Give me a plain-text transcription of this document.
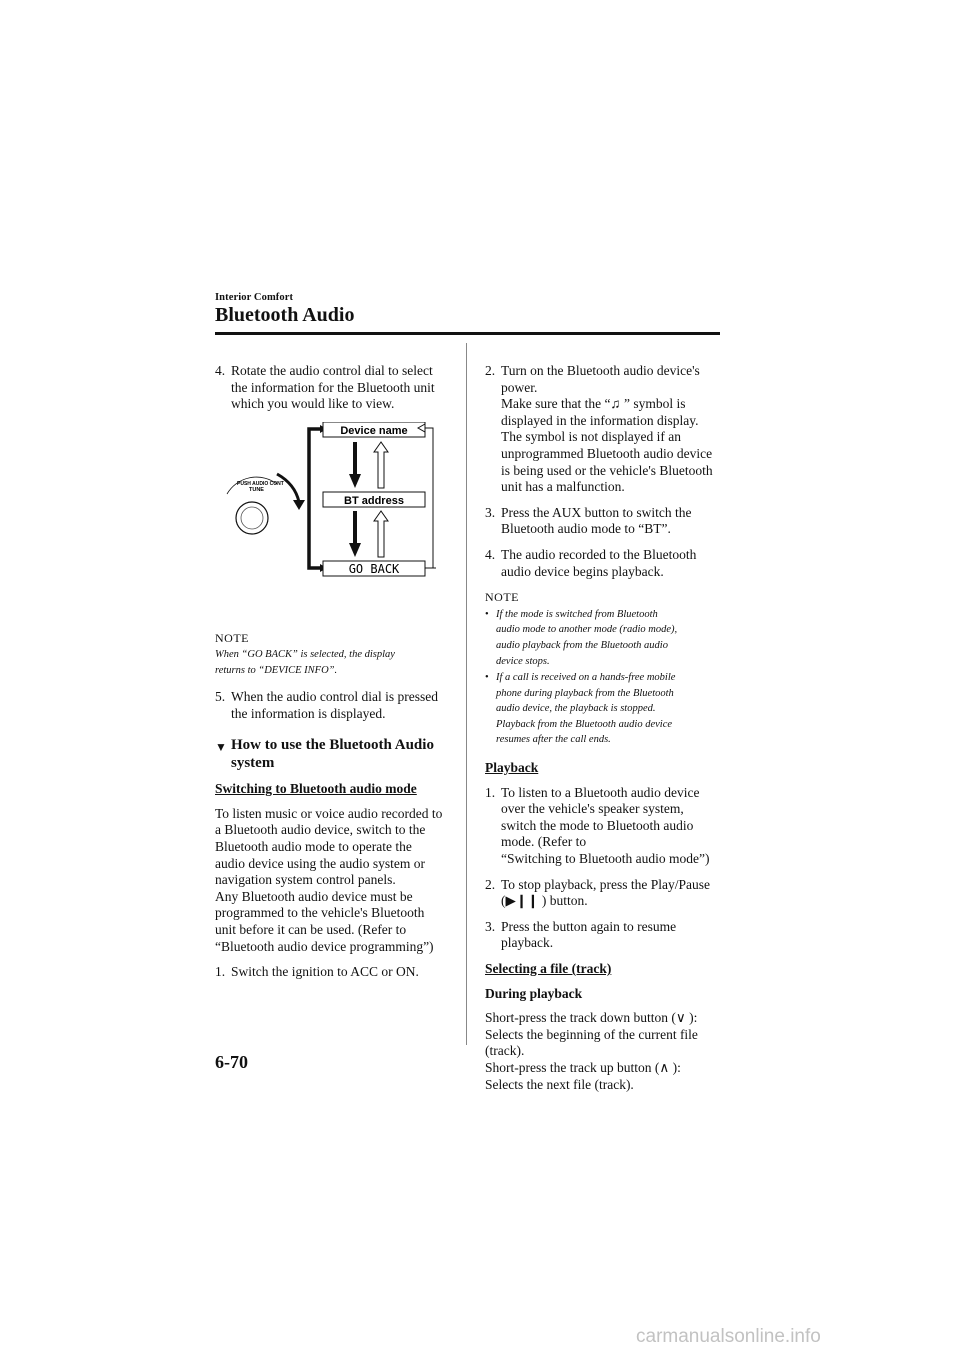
Interior Comfort
Bluetooth Audio
4. Rotate the audio control dial to select
the information for the Bluetooth unit
which you would like to view.
Device name
BT address
GO BACK
PUSH AUDIO CONT
TUNE
NOTE
When “GO BACK” is selected, the display
returns to “DEVICE INFO”.
5. When the audio control dial is pressed
the information is displayed.
▼ How to use the Bluetooth Audio
system
Switching to Bluetooth audio mode
To listen music or voice audio recorded to
a Bluetooth audio device, switch to the
Bluetooth audio mode to operate the
audio device using the audio system or
navigation system control panels.
Any Bluetooth audio device must be
programmed to the vehicle's Bluetooth
unit before it can be used. (Refer to
“Bluetooth audio device programming”)
1. Switch the ignition to ACC or ON.
2. Turn on the Bluetooth audio device's
power.
Make sure that the “♫ ” symbol is
displayed in the information display.
The symbol is not displayed if an
unprogrammed Bluetooth audio device
is being used or the vehicle's Bluetooth
unit has a malfunction.
3. Press the AUX button to switch the
Bluetooth audio mode to “BT”.
4. The audio recorded to the Bluetooth
audio device begins playback.
NOTE
• If the mode is switched from Bluetooth
audio mode to another mode (radio mode),
audio playback from the Bluetooth audio
device stops.
• If a call is received on a hands-free mobile
phone during playback from the Bluetooth
audio device, the playback is stopped.
Playback from the Bluetooth audio device
resumes after the call ends.
Playback
1. To listen to a Bluetooth audio device
over the vehicle's speaker system,
switch the mode to Bluetooth audio
mode. (Refer to
“Switching to Bluetooth audio mode”)
2. To stop playback, press the Play/Pause
(▶❙❙ ) button.
3. Press the button again to resume
playback.
Selecting a file (track)
During playback
Short-press the track down button (∨ ):
Selects the beginning of the current file
(track).
Short-press the track up button (∧ ):
Selects the next file (track).
6-70
carmanualsonline.info
